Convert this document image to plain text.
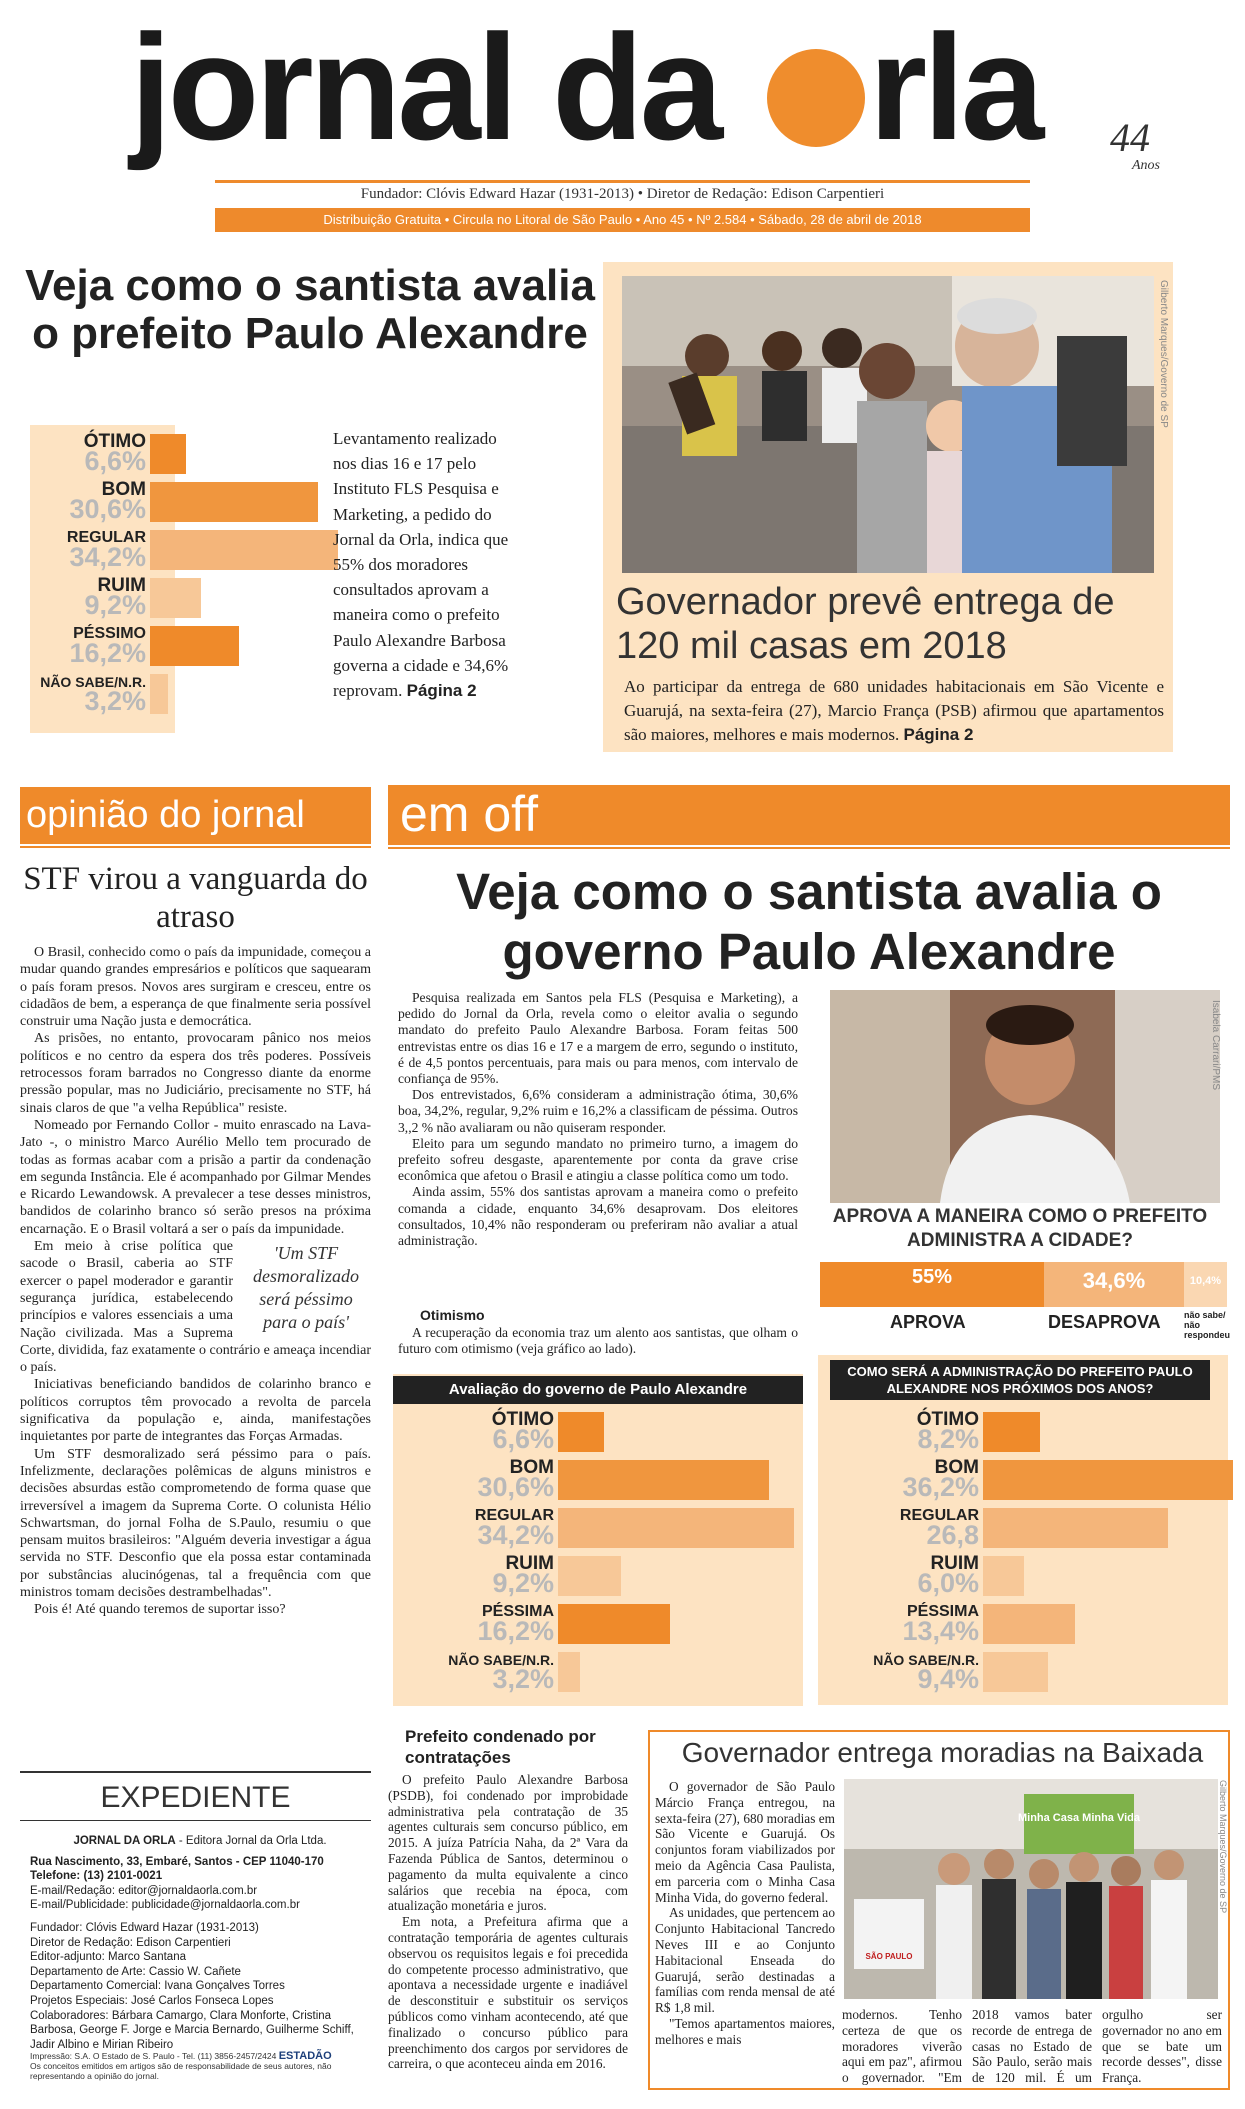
jornal da rla 44
Anos
Fundador: Clóvis Edward Hazar (1931-2013) • Diretor de Redação: Edison Carpentieri
Distribuição Gratuita • Circula no Litoral de São Paulo • Ano 45 • Nº 2.584 • Sábado, 28 de abril de 2018
Veja como o santista avalia o prefeito Paulo Alexandre
ÓTIMO
6,6%
BOM
30,6%
REGULAR
34,2%
RUIM
9,2%
PÉSSIMO
16,2%
NÃO SABE/N.R.
3,2%
Levantamento realizado nos dias 16 e 17 pelo Instituto FLS Pesquisa e Marketing, a pedido do Jornal da Orla, indica que 55% dos moradores consultados aprovam a maneira como o prefeito Paulo Alexandre Barbosa governa a cidade e 34,6% reprovam. Página 2
Gilberto Marques/Governo de SP
Governador prevê entrega de 120 mil casas em 2018
Ao participar da entrega de 680 unidades habitacionais em São Vicente e Guarujá, na sexta-feira (27), Marcio França (PSB) afirmou que apartamentos são maiores, melhores e mais modernos. Página 2
opinião do jornal	em off
STF virou a vanguarda do atraso

O Brasil, conhecido como o país da impunidade, começou a mudar quando grandes empresários e políticos que saquearam o país foram presos. Novos ares surgiram e cresceu, entre os cidadãos de bem, a esperança de que finalmente seria possível construir uma Nação justa e democrática.

As prisões, no entanto, provocaram pânico nos meios políticos e no centro da espera dos três poderes. Possíveis retrocessos foram barrados no Congresso diante da enorme pressão popular, mas no Judiciário, precisamente no STF, há sinais claros de que "a velha República" resiste.

Nomeado por Fernando Collor - muito enrascado na Lava-Jato -, o ministro Marco Aurélio Mello tem procurado de todas as formas acabar com a prisão a partir da condenação em segunda Instância. Ele é acompanhado por Gilmar Mendes e Ricardo Lewandowsk. A prevalecer a tese desses ministros, bandidos de colarinho branco só serão presos na próxima encarnação. E o Brasil voltará a ser o país da impunidade.

'Um STF desmoralizado será péssimo para o país'

Em meio à crise política que sacode o Brasil, caberia ao STF exercer o papel moderador e garantir segurança jurídica, estabelecendo princípios e valores essenciais a uma Nação civilizada. Mas a Suprema Corte, dividida, faz exatamente o contrário e ameaça incendiar o país.

Iniciativas beneficiando bandidos de colarinho branco e políticos corruptos têm provocado a revolta de parcela significativa da população e, ainda, manifestações inquietantes por parte de integrantes das Forças Armadas.

Um STF desmoralizado será péssimo para o país. Infelizmente, declarações polêmicas de alguns ministros e decisões absurdas estão comprometendo de forma quase que irreversível a imagem da Suprema Corte. O colunista Hélio Schwartsman, do jornal Folha de S.Paulo, resumiu o que pensam muitos brasileiros: "Alguém deveria investigar a água servida no STF. Desconfio que ela possa estar contaminada por substâncias alucinógenas, tal a frequência com que ministros tomam decisões destrambelhadas".

Pois é! Até quando teremos de suportar isso?

EXPEDIENTE
JORNAL DA ORLA - Editora Jornal da Orla Ltda.
Rua Nascimento, 33, Embaré, Santos - CEP 11040-170
Telefone: (13) 2101-0021
E-mail/Redação: editor@jornaldaorla.com.br
E-mail/Publicidade: publicidade@jornaldaorla.com.br
Fundador: Clóvis Edward Hazar (1931-2013)
Diretor de Redação: Edison Carpentieri
Editor-adjunto: Marco Santana
Departamento de Arte: Cassio W. Cañete
Departamento Comercial: Ivana Gonçalves Torres
Projetos Especiais: José Carlos Fonseca Lopes
Colaboradores: Bárbara Camargo, Clara Monforte, Cristina Barbosa, George F. Jorge e Marcia Bernardo, Guilherme Schiff, Jadir Albino e Mirian Ribeiro
Impressão: S.A. O Estado de S. Paulo - Tel. (11) 3856-2457/2424 ESTADÃO
Os conceitos emitidos em artigos são de responsabilidade de seus autores, não representando a opinião do jornal.
Veja como o santista avalia o governo Paulo Alexandre

Pesquisa realizada em Santos pela FLS (Pesquisa e Marketing), a pedido do Jornal da Orla, revela como o eleitor avalia o segundo mandato do prefeito Paulo Alexandre Barbosa. Foram feitas 500 entrevistas entre os dias 16 e 17 e a margem de erro, segundo o instituto, é de 4,5 pontos percentuais, para mais ou para menos, com intervalo de confiança de 95%.

Dos entrevistados, 6,6% consideram a administração ótima, 30,6% boa, 34,2%, regular, 9,2% ruim e 16,2% a classificam de péssima. Outros 3,,2 % não avaliaram ou não quiseram responder.

Eleito para um segundo mandato no primeiro turno, a imagem do prefeito sofreu desgaste, aparentemente por conta da grave crise econômica que afetou o Brasil e atingiu a classe política como um todo.

Ainda assim, 55% dos santistas aprovam a maneira como o prefeito comanda a cidade, enquanto 34,6% desaprovam. Dos eleitores consultados, 10,4% não responderam ou preferiram não avaliar a atual administração.

Otimismo

A recuperação da economia traz um alento aos santistas, que olham o futuro com otimismo (veja gráfico ao lado).

Isabela Carrari/PMS
APROVA A MANEIRA COMO O PREFEITO ADMINISTRA A CIDADE?
55%	34,6%	10,4%
APROVA	DESAPROVA	não sabe/ não respondeu
Avaliação do governo de Paulo Alexandre
ÓTIMO
6,6%
BOM
30,6%
REGULAR
34,2%
RUIM
9,2%
PÉSSIMA
16,2%
NÃO SABE/N.R.
3,2%
COMO SERÁ A ADMINISTRAÇÃO DO PREFEITO PAULO ALEXANDRE NOS PRÓXIMOS DOS ANOS?
ÓTIMO
8,2%
BOM
36,2%
REGULAR
26,8
RUIM
6,0%
PÉSSIMA
13,4%
NÃO SABE/N.R.
9,4%
Prefeito condenado por contratações

O prefeito Paulo Alexandre Barbosa (PSDB), foi condenado por improbidade administrativa pela contratação de 35 agentes culturais sem concurso público, em 2015. A juíza Patrícia Naha, da 2ª Vara da Fazenda Pública de Santos, determinou o pagamento da multa equivalente a cinco salários que recebia na época, com atualização monetária e juros.

Em nota, a Prefeitura afirma que a contratação temporária de agentes culturais observou os requisitos legais e foi precedida do competente processo administrativo, que apontava a necessidade urgente e inadiável de desconstituir e substituir os serviços públicos como vinham acontecendo, até que finalizado o concurso público para preenchimento dos cargos por servidores de carreira, o que aconteceu ainda em 2016.

Governador entrega moradias na Baixada
Minha Casa Minha Vida
SÃO PAULO
Gilberto Marques/Governo de SP

O governador de São Paulo Márcio França entregou, na sexta-feira (27), 680 moradias em São Vicente e Guarujá. Os conjuntos foram viabilizados por meio da Agência Casa Paulista, em parceria com o Minha Casa Minha Vida, do governo federal.

As unidades, que pertencem ao Conjunto Habitacional Tancredo Neves III e ao Conjunto Habitacional Enseada do Guarujá, serão destinadas a famílias com renda mensal de até R$ 1,8 mil.

"Temos apartamentos maiores, melhores e mais

modernos. Tenho certeza de que os moradores viverão aqui em paz", afirmou o governador. "Em 2018 vamos bater recorde de entrega de casas no Estado de São Paulo, serão mais de 120 mil. É um orgulho ser governador no ano em que se bate um recorde desses", disse França.
